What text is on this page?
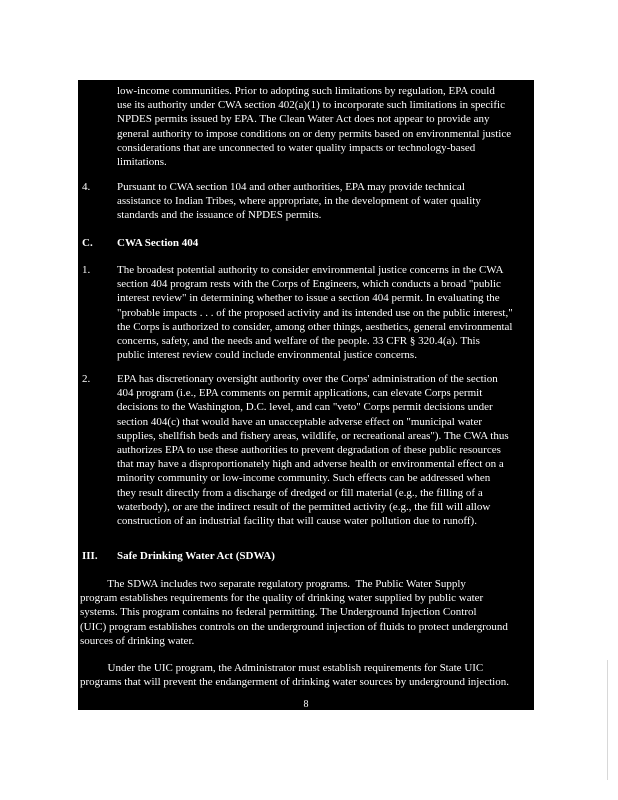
low-income communities. Prior to adopting such limitations by regulation, EPA could
use its authority under CWA section 402(a)(1) to incorporate such limitations in specific
NPDES permits issued by EPA. The Clean Water Act does not appear to provide any
general authority to impose conditions on or deny permits based on environmental justice
considerations that are unconnected to water quality impacts or technology-based
limitations.
4. Pursuant to CWA section 104 and other authorities, EPA may provide technical
assistance to Indian Tribes, where appropriate, in the development of water quality
standards and the issuance of NPDES permits.
C. CWA Section 404
1. The broadest potential authority to consider environmental justice concerns in the CWA
section 404 program rests with the Corps of Engineers, which conducts a broad "public
interest review" in determining whether to issue a section 404 permit. In evaluating the
"probable impacts . . . of the proposed activity and its intended use on the public interest,"
the Corps is authorized to consider, among other things, aesthetics, general environmental
concerns, safety, and the needs and welfare of the people. 33 CFR § 320.4(a). This
public interest review could include environmental justice concerns.
2. EPA has discretionary oversight authority over the Corps' administration of the section
404 program (i.e., EPA comments on permit applications, can elevate Corps permit
decisions to the Washington, D.C. level, and can "veto" Corps permit decisions under
section 404(c) that would have an unacceptable adverse effect on "municipal water
supplies, shellfish beds and fishery areas, wildlife, or recreational areas"). The CWA thus
authorizes EPA to use these authorities to prevent degradation of these public resources
that may have a disproportionately high and adverse health or environmental effect on a
minority community or low-income community. Such effects can be addressed when
they result directly from a discharge of dredged or fill material (e.g., the filling of a
waterbody), or are the indirect result of the permitted activity (e.g., the fill will allow
construction of an industrial facility that will cause water pollution due to runoff).
III. Safe Drinking Water Act (SDWA)
The SDWA includes two separate regulatory programs.  The Public Water Supply
program establishes requirements for the quality of drinking water supplied by public water
systems. This program contains no federal permitting. The Underground Injection Control
(UIC) program establishes controls on the underground injection of fluids to protect underground
sources of drinking water.
Under the UIC program, the Administrator must establish requirements for State UIC
programs that will prevent the endangerment of drinking water sources by underground injection.
8
